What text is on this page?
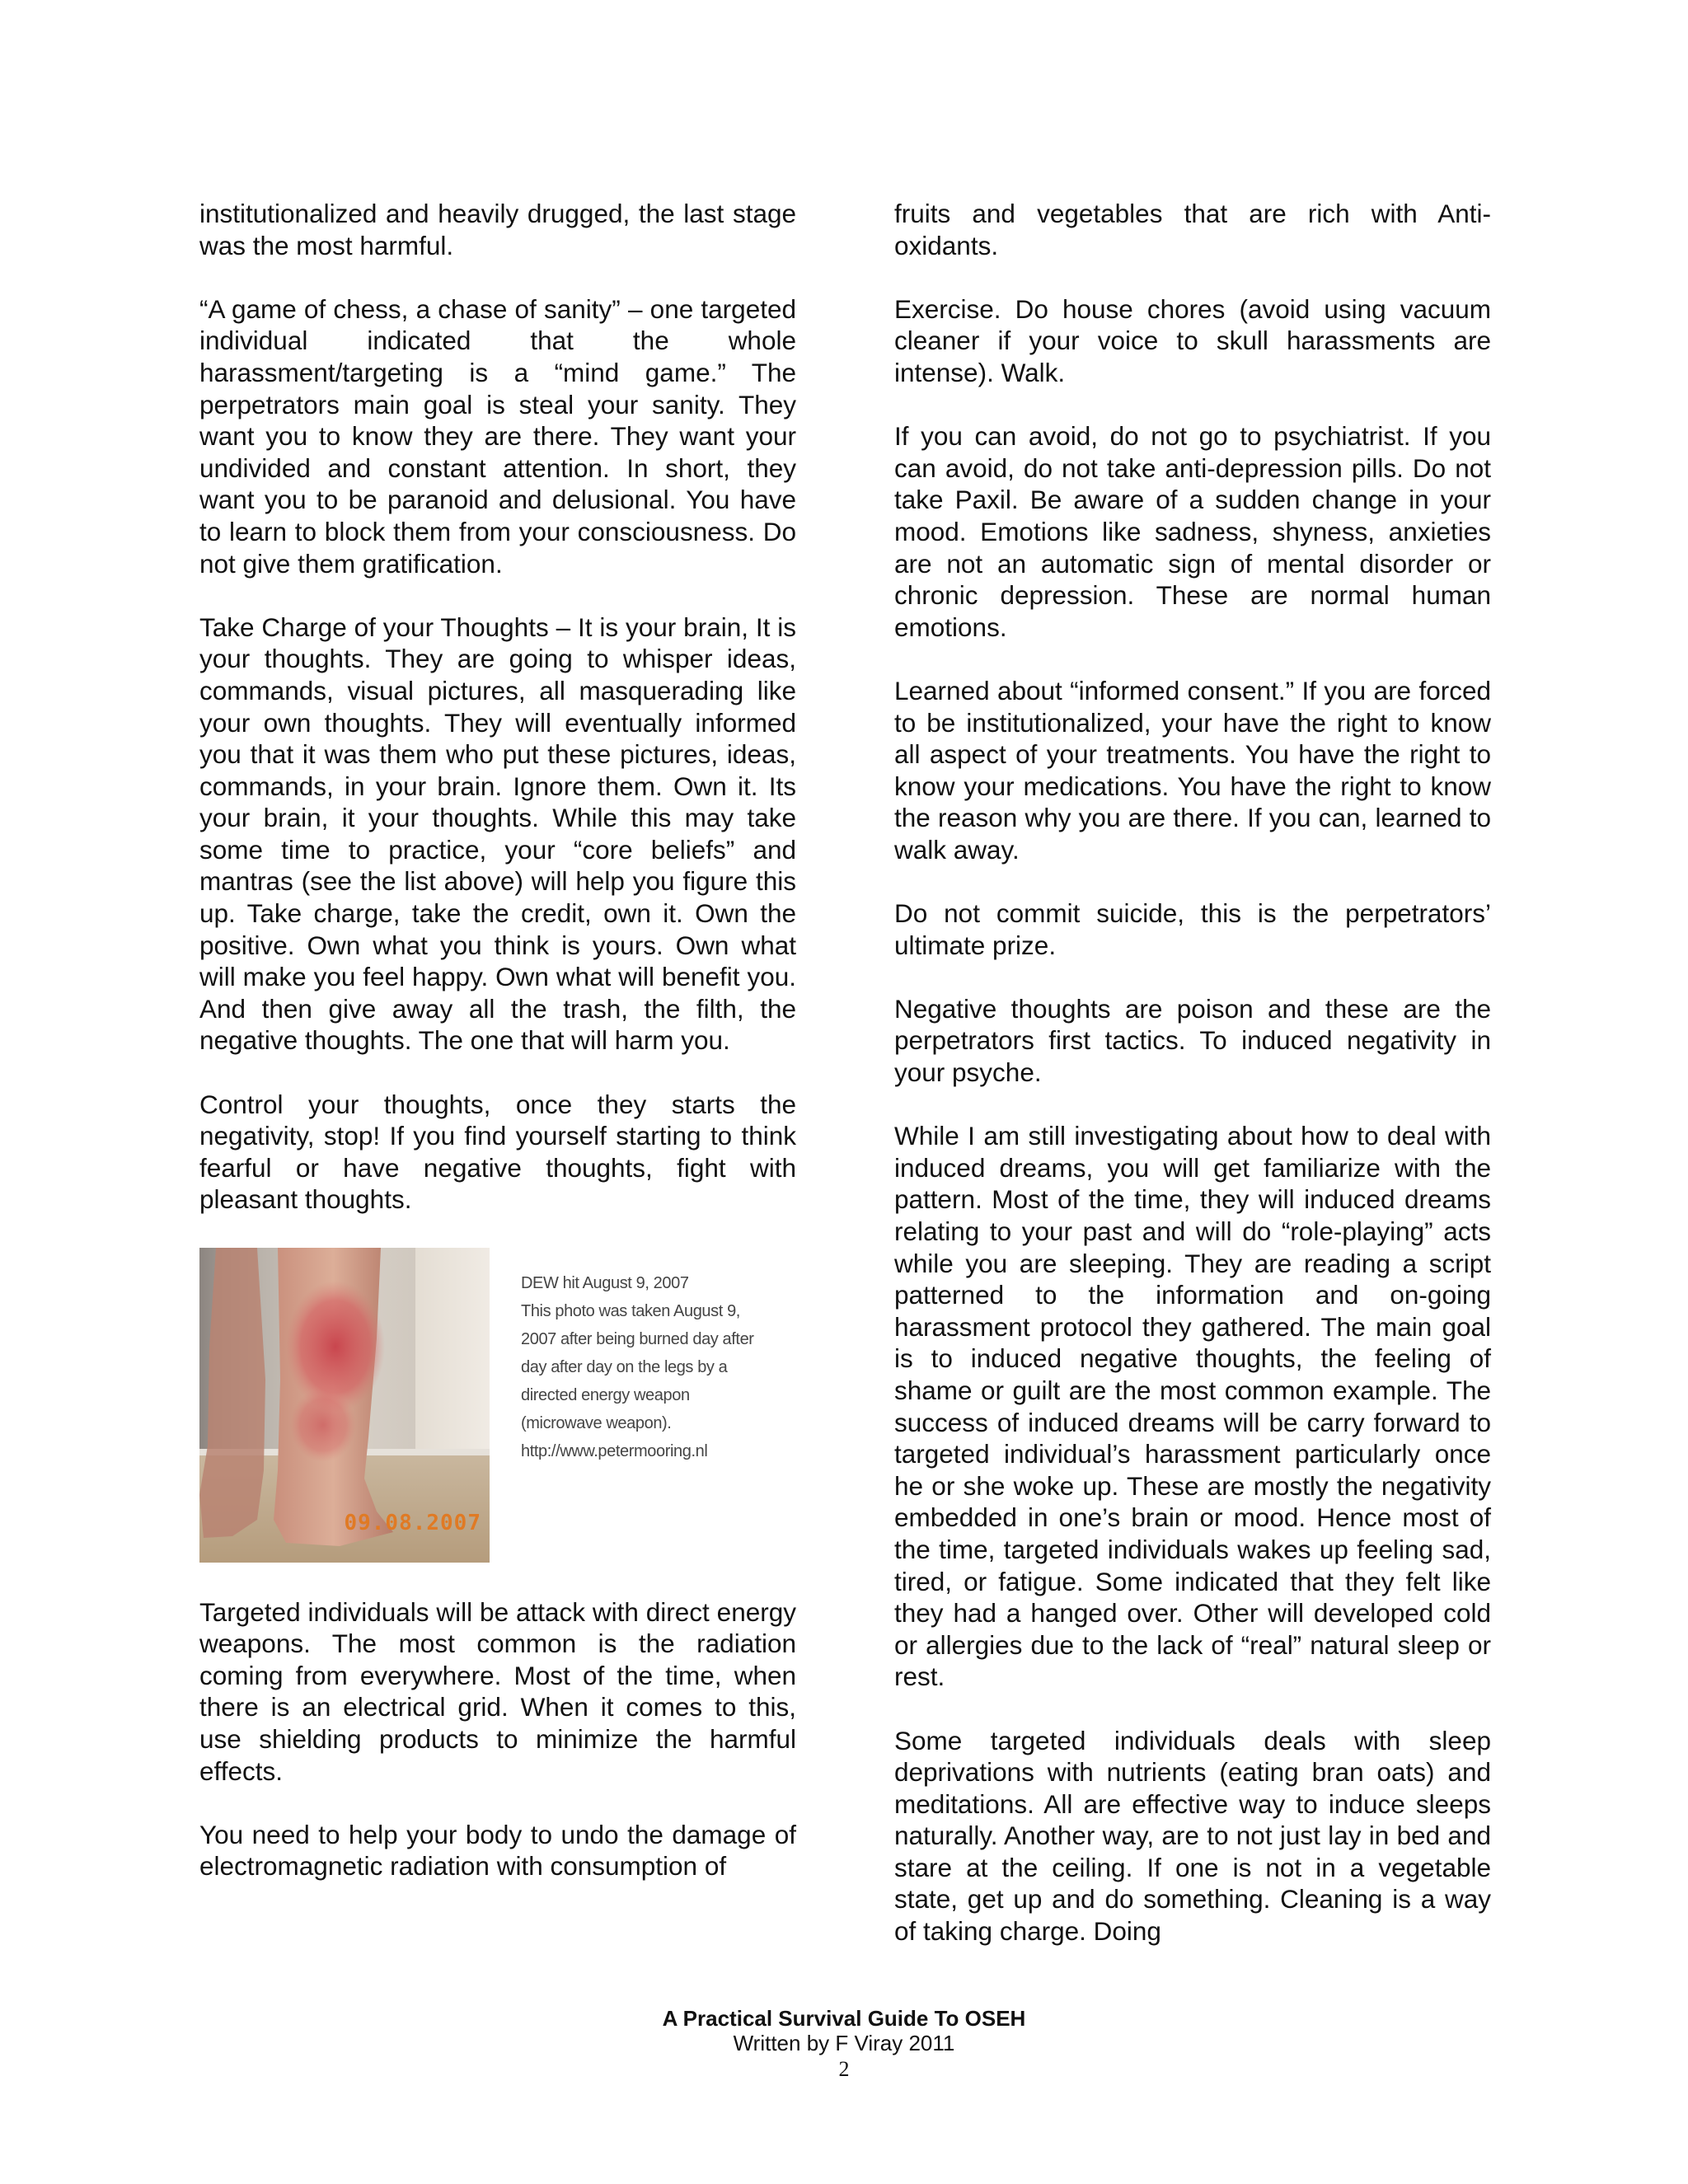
institutionalized and heavily drugged, the last stage was the most harmful.

“A game of chess, a chase of sanity” – one targeted individual indicated that the whole harassment/targeting is a “mind game.” The perpetrators main goal is steal your sanity. They want you to know they are there. They want your undivided and constant attention. In short, they want you to be paranoid and delusional. You have to learn to block them from your consciousness. Do not give them gratification.

Take Charge of your Thoughts – It is your brain, It is your thoughts. They are going to whisper ideas, commands, visual pictures, all masquerading like your own thoughts. They will eventually informed you that it was them who put these pictures, ideas, commands, in your brain. Ignore them. Own it. Its your brain, it your thoughts. While this may take some time to practice, your “core beliefs” and mantras (see the list above) will help you figure this up. Take charge, take the credit, own it. Own the positive. Own what you think is yours. Own what will make you feel happy. Own what will benefit you. And then give away all the trash, the filth, the negative thoughts. The one that will harm you.

Control your thoughts, once they starts the negativity, stop! If you find yourself starting to think fearful or have negative thoughts, fight with pleasant thoughts.

09.08.2007
DEW hit August 9, 2007
This photo was taken August 9,
2007 after being burned day after
day after day on the legs by a
directed energy weapon
(microwave weapon).
http://www.petermooring.nl

Targeted individuals will be attack with direct energy weapons. The most common is the radiation coming from everywhere. Most of the time, when there is an electrical grid. When it comes to this, use shielding products to minimize the harmful effects.

You need to help your body to undo the damage of electromagnetic radiation with consumption of

fruits and vegetables that are rich with Anti-oxidants.

Exercise. Do house chores (avoid using vacuum cleaner if your voice to skull harassments are intense). Walk.

If you can avoid, do not go to psychiatrist. If you can avoid, do not take anti-depression pills. Do not take Paxil. Be aware of a sudden change in your mood. Emotions like sadness, shyness, anxieties are not an automatic sign of mental disorder or chronic depression. These are normal human emotions.

Learned about “informed consent.” If you are forced to be institutionalized, your have the right to know all aspect of your treatments. You have the right to know your medications. You have the right to know the reason why you are there. If you can, learned to walk away.

Do not commit suicide, this is the perpetrators’ ultimate prize.

Negative thoughts are poison and these are the perpetrators first tactics. To induced negativity in your psyche.

While I am still investigating about how to deal with induced dreams, you will get familiarize with the pattern. Most of the time, they will induced dreams relating to your past and will do “role-playing” acts while you are sleeping. They are reading a script patterned to the information and on-going harassment protocol they gathered. The main goal is to induced negative thoughts, the feeling of shame or guilt are the most common example. The success of induced dreams will be carry forward to targeted individual’s harassment particularly once he or she woke up. These are mostly the negativity embedded in one’s brain or mood. Hence most of the time, targeted individuals wakes up feeling sad, tired, or fatigue. Some indicated that they felt like they had a hanged over. Other will developed cold or allergies due to the lack of “real” natural sleep or rest.

Some targeted individuals deals with sleep deprivations with nutrients (eating bran oats) and meditations. All are effective way to induce sleeps naturally. Another way, are to not just lay in bed and stare at the ceiling. If one is not in a vegetable state, get up and do something. Cleaning is a way of taking charge. Doing

A Practical Survival Guide To OSEH
Written by F Viray 2011
2
